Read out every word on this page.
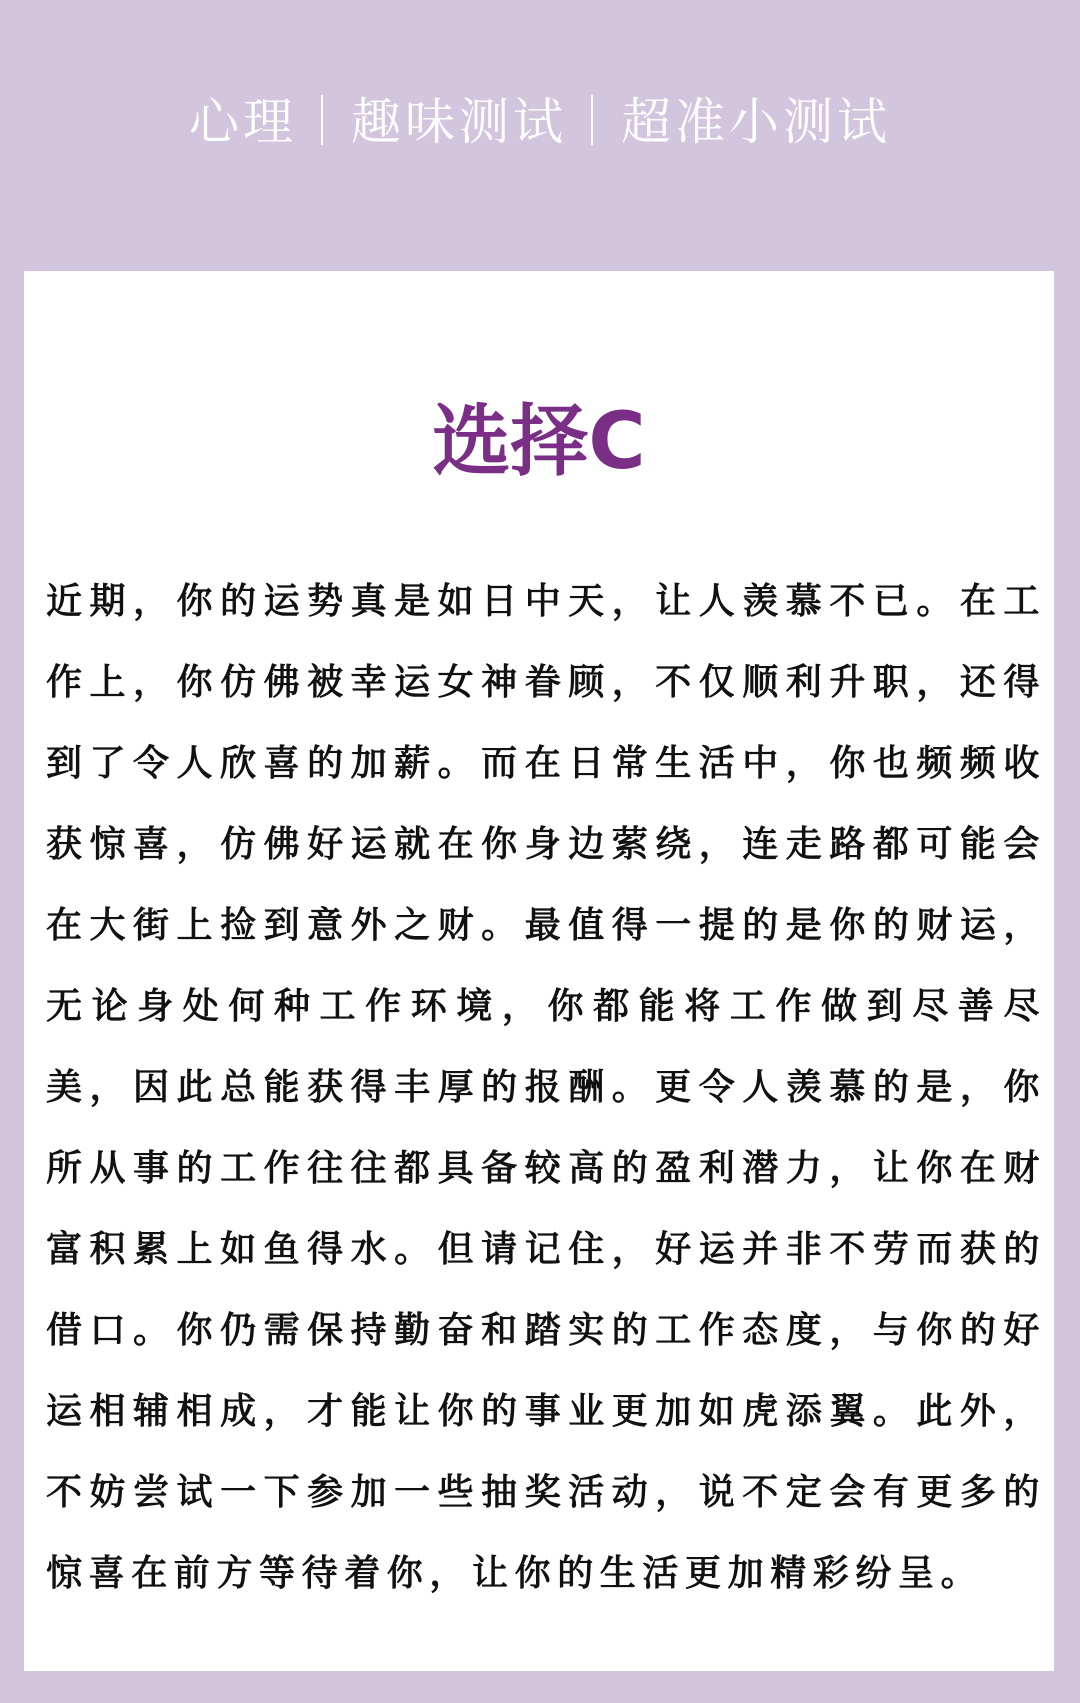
心理｜趣味测试｜超准小测试
选择C

近期，你的运势真是如日中天，让人羡慕不已。在工作上，你仿佛被幸运女神眷顾，不仅顺利升职，还得到了令人欣喜的加薪。而在日常生活中，你也频频收获惊喜，仿佛好运就在你身边萦绕，连走路都可能会在大街上捡到意外之财。最值得一提的是你的财运，无论身处何种工作环境，你都能将工作做到尽善尽美，因此总能获得丰厚的报酬。更令人羡慕的是，你所从事的工作往往都具备较高的盈利潜力，让你在财富积累上如鱼得水。但请记住，好运并非不劳而获的借口。你仍需保持勤奋和踏实的工作态度，与你的好运相辅相成，才能让你的事业更加如虎添翼。此外，不妨尝试一下参加一些抽奖活动，说不定会有更多的惊喜在前方等待着你，让你的生活更加精彩纷呈。
